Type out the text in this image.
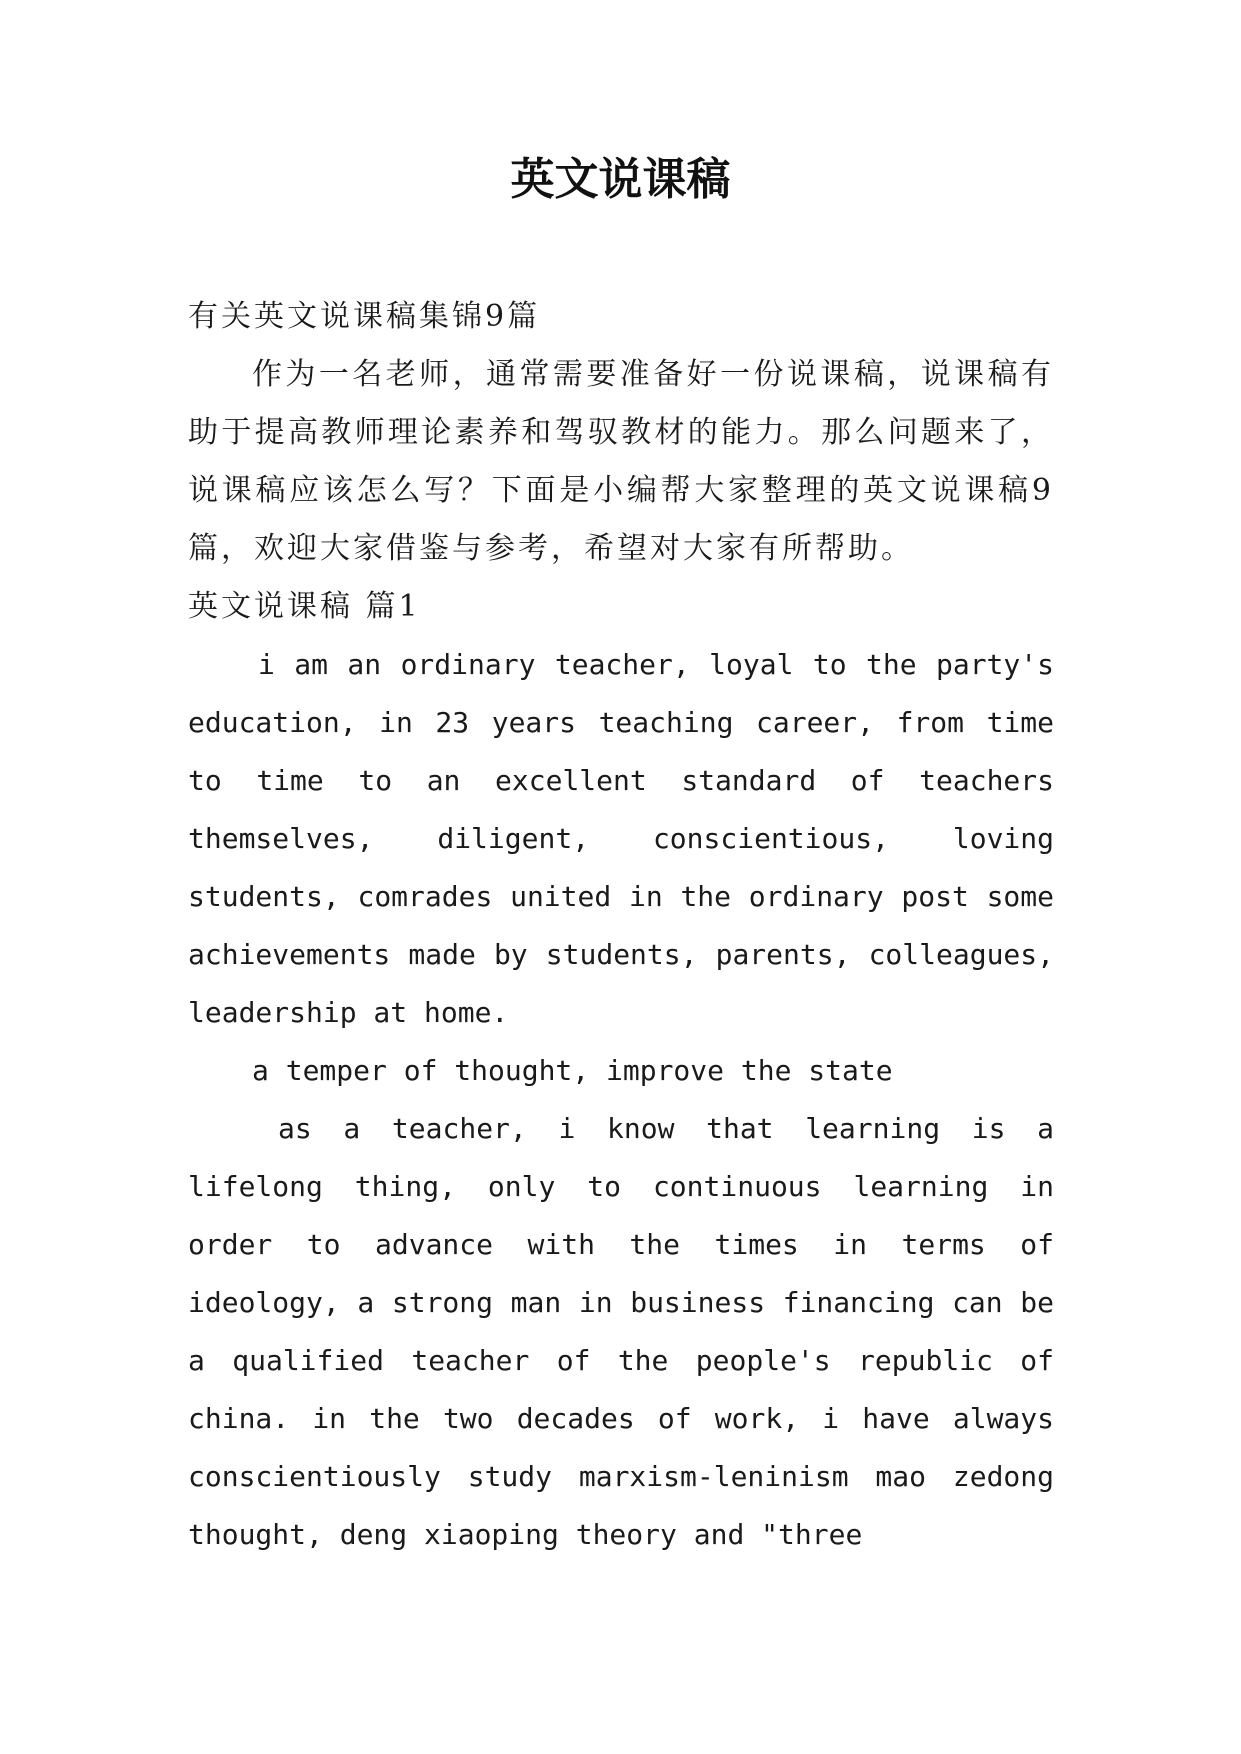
英文说课稿

有关英文说课稿集锦9篇

作为一名老师，通常需要准备好一份说课稿，说课稿有助于提高教师理论素养和驾驭教材的能力。那么问题来了，说课稿应该怎么写？下面是小编帮大家整理的英文说课稿9篇，欢迎大家借鉴与参考，希望对大家有所帮助。

英文说课稿 篇1

i am an ordinary teacher, loyal to the party's education, in 23 years teaching career, from time to time to an excellent standard of teachers themselves, diligent, conscientious, loving students, comrades united in the ordinary post some achievements made by students, parents, colleagues, leadership at home.

a temper of thought, improve the state

as a teacher, i know that learning is a lifelong thing, only to continuous learning in order to advance with the times in terms of ideology, a strong man in business financing can be a qualified teacher of the people's republic of china. in the two decades of work, i have always conscientiously study marxism-leninism mao zedong thought, deng xiaoping theory and "three
